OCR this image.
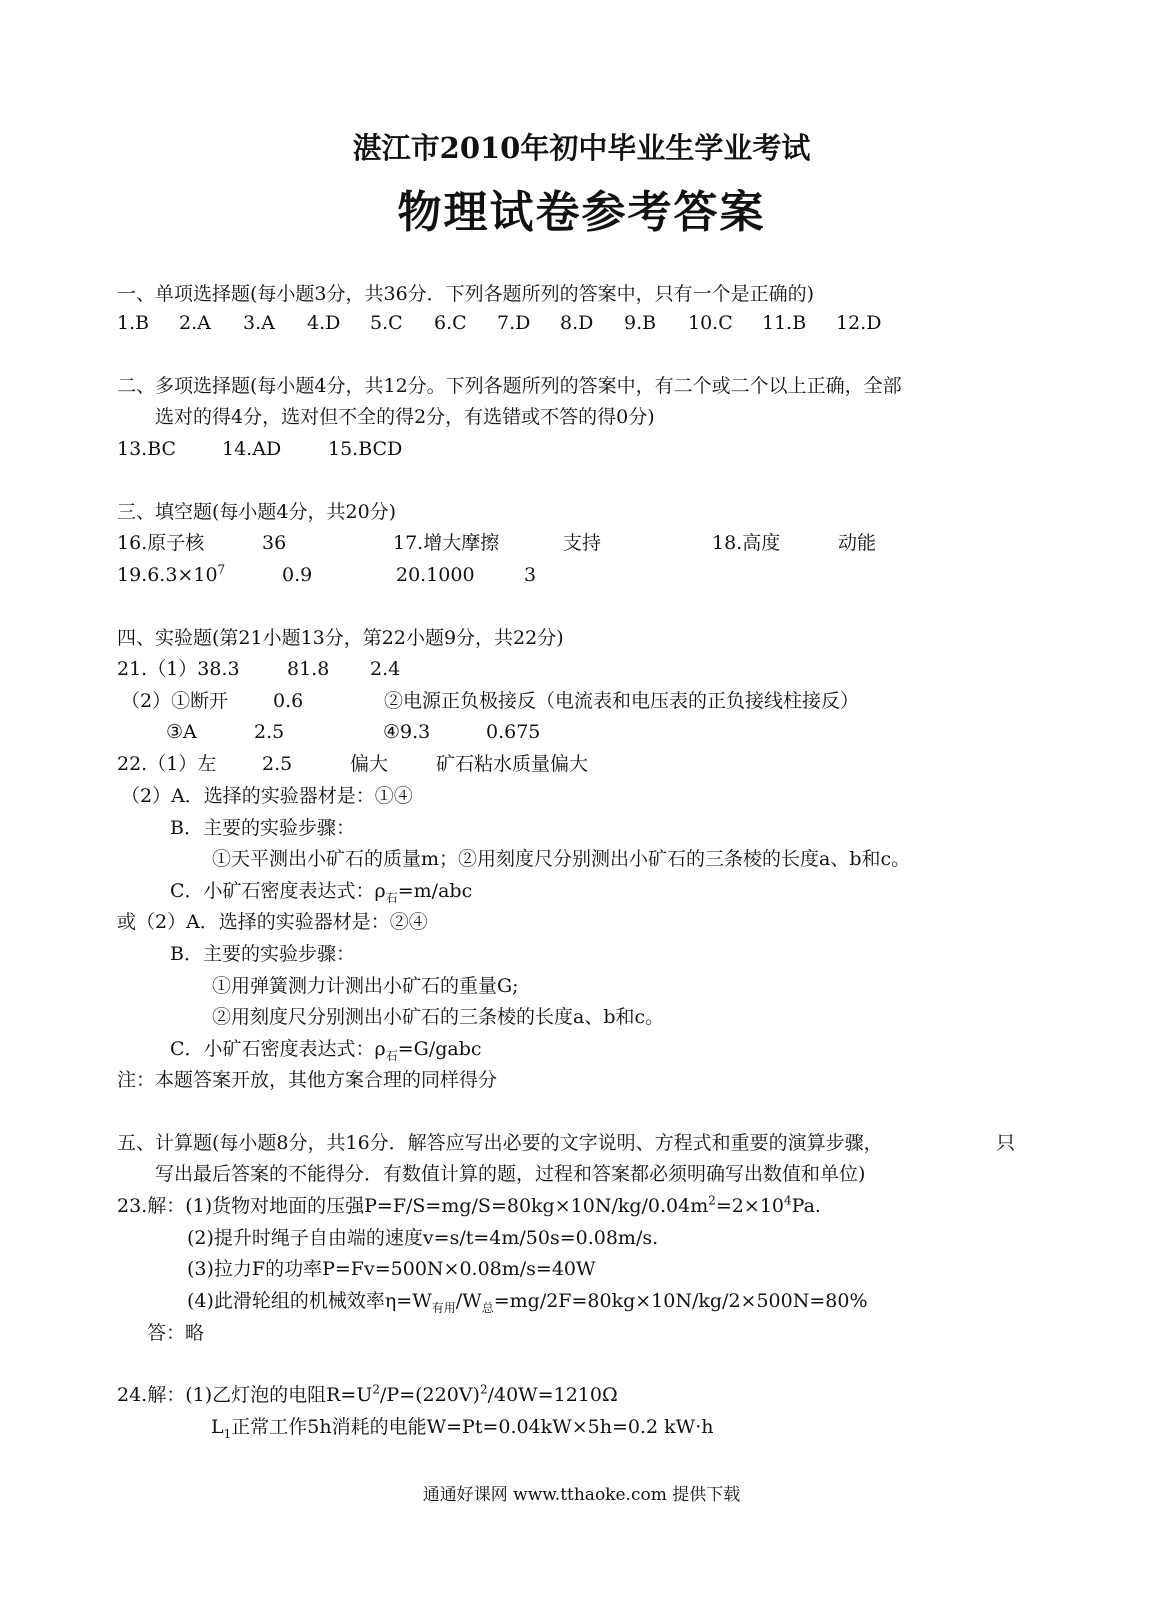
湛江市2010年初中毕业生学业考试
物理试卷参考答案
一、单项选择题(每小题3分，共36分．下列各题所列的答案中，只有一个是正确的)
1.B 2.A 3.A 4.D 5.C 6.C 7.D 8.D 9.B 10.C 11.B 12.D
二、多项选择题(每小题4分，共12分。下列各题所列的答案中，有二个或二个以上正确，全部
选对的得4分，选对但不全的得2分，有选错或不答的得0分)
13.BC 14.AD 15.BCD
三、填空题(每小题4分，共20分)
16.原子核	36	17.增大摩擦	支持	18.高度	动能
$19.6.3\times 10^7$	0.9	20.1000	3
四、实验题(第21小题13分，第22小题9分，共22分)
21.（1）38.3 81.8 2.4
（2）①断开 0.6	②电源正负极接反（电流表和电压表的正负接线柱接反）
③A	2.5	④9.3	0.675
22.（1）左 2.5	偏大	矿石粘水质量偏大
（2）A．选择的实验器材是：①④
B．主要的实验步骤：
①天平测出小矿石的质量m；②用刻度尺分别测出小矿石的三条棱的长度a、b和c。
C．小矿石密度表达式：$\rho_石=m$/abc
或（2）A．选择的实验器材是：②④
B．主要的实验步骤：
①用弹簧测力计测出小矿石的重量G;
②用刻度尺分别测出小矿石的三条棱的长度a、b和c。
C．小矿石密度表达式：$\rho_石=G$/gabc
注：本题答案开放，其他方案合理的同样得分
五、计算题(每小题8分，共16分．解答应写出必要的文字说明、方程式和重要的演算步骤，	只
写出最后答案的不能得分．有数值计算的题，过程和答案都必须明确写出数值和单位)
23.解：(1)货物对地面的压强$P=F/S=mg/S=80kg\times 10N/kg/0.04m^2=2\times 10^4Pa$.
(2)提升时绳子自由端的速度v=s/t=4m/50s=0.08m/s.
(3)拉力F的功率P=Fv=500N×0.08m/s=40W
(4)此滑轮组的机械效率$\eta=W_{有用}/W_总=mg/2F=80kg\times 10N/kg/2\times 500N=80\%$
答：略
24.解：(1)乙灯泡的电阻$R=U^2/P=(220V)^2/40W=1210\Omega$
$L_1$正常工作5h消耗的电能W=Pt=0.04kW×5h=0.2 kW·h
通通好课网 www.tthaoke.com 提供下载
